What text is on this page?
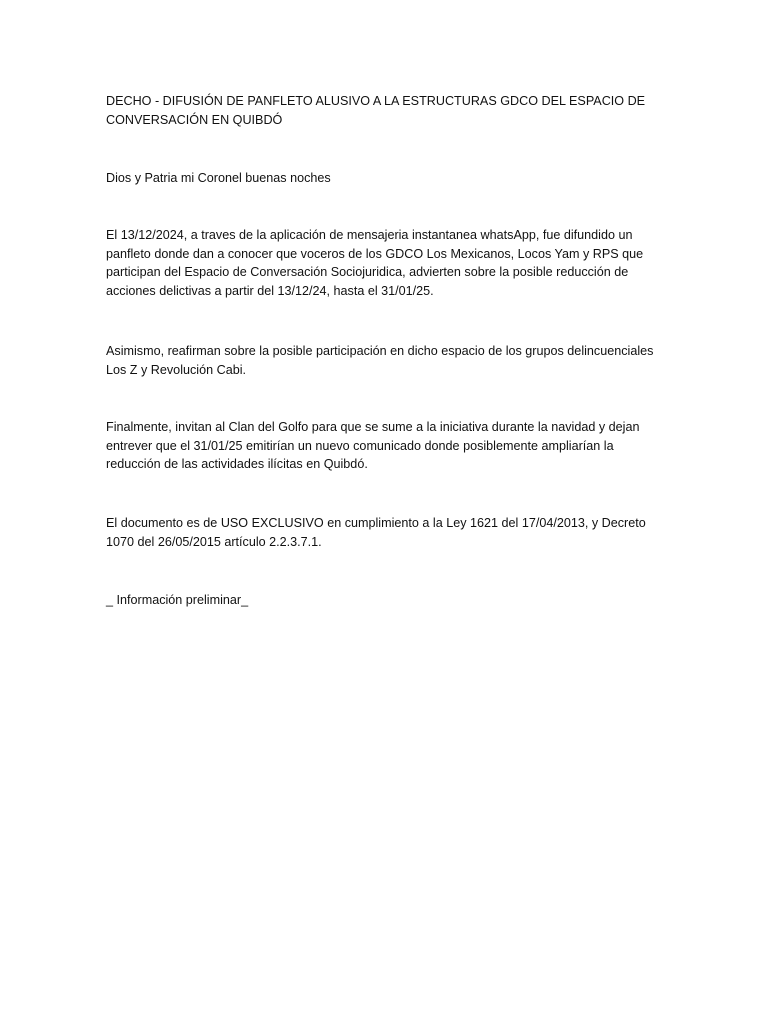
DECHO - DIFUSIÓN DE PANFLETO ALUSIVO A LA ESTRUCTURAS GDCO DEL ESPACIO DE
CONVERSACIÓN EN QUIBDÓ

Dios y Patria mi Coronel buenas noches

El 13/12/2024, a traves de la aplicación de mensajeria instantanea whatsApp, fue difundido un
panfleto donde dan a conocer que voceros de los GDCO Los Mexicanos, Locos Yam y RPS que
participan del Espacio de Conversación Sociojuridica, advierten sobre la posible reducción de
acciones delictivas a partir del 13/12/24, hasta el 31/01/25.

Asimismo, reafirman sobre la posible participación en dicho espacio de los grupos delincuenciales
Los Z y Revolución Cabi.

Finalmente, invitan al Clan del Golfo para que se sume a la iniciativa durante la navidad y dejan
entrever que el 31/01/25 emitirían un nuevo comunicado donde posiblemente ampliarían la
reducción de las actividades ilícitas en Quibdó.

El documento es de USO EXCLUSIVO en cumplimiento a la Ley 1621 del 17/04/2013, y Decreto
1070 del 26/05/2015 artículo 2.2.3.7.1.

_ Información preliminar_
